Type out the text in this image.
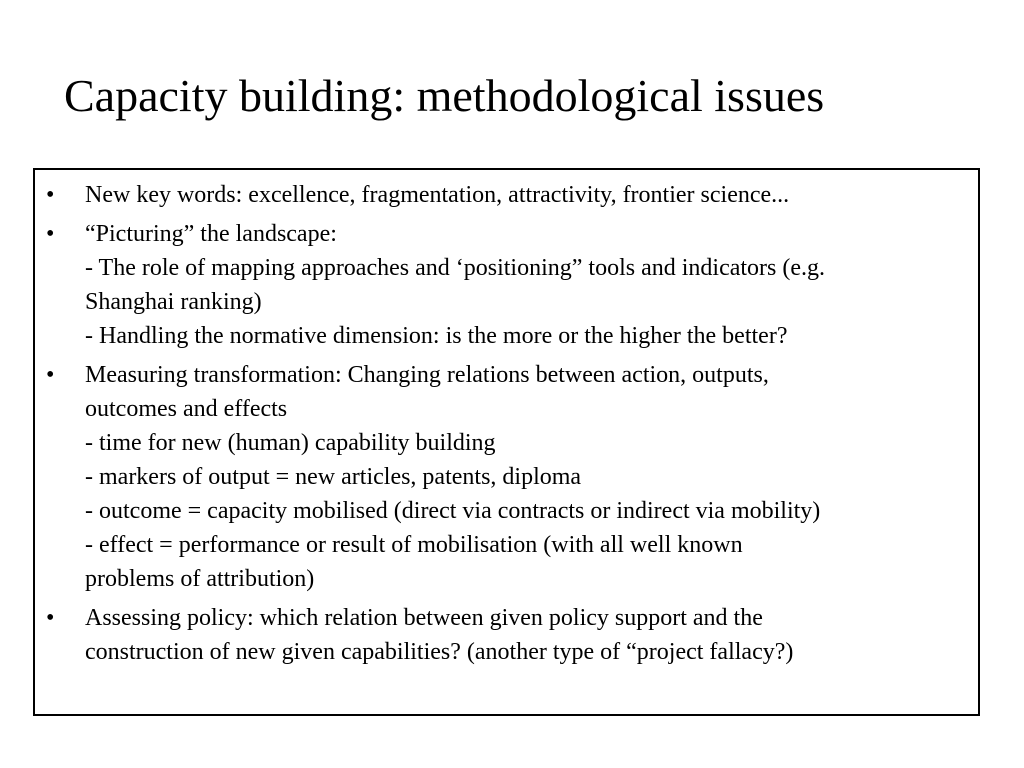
Capacity building: methodological issues
• New key words: excellence, fragmentation, attractivity, frontier science...
• “Picturing” the landscape:
- The role of mapping approaches and ‘positioning” tools and indicators (e.g.
Shanghai ranking)
- Handling the normative dimension: is the more or the higher the better?
• Measuring transformation: Changing relations between action, outputs,
outcomes and effects
- time for new (human) capability building
- markers of output = new articles, patents, diploma
- outcome = capacity mobilised (direct via contracts or indirect via mobility)
- effect = performance or result of mobilisation (with all well known
problems of attribution)
• Assessing policy: which relation between given policy support and the
construction of new given capabilities? (another type of “project fallacy?)
